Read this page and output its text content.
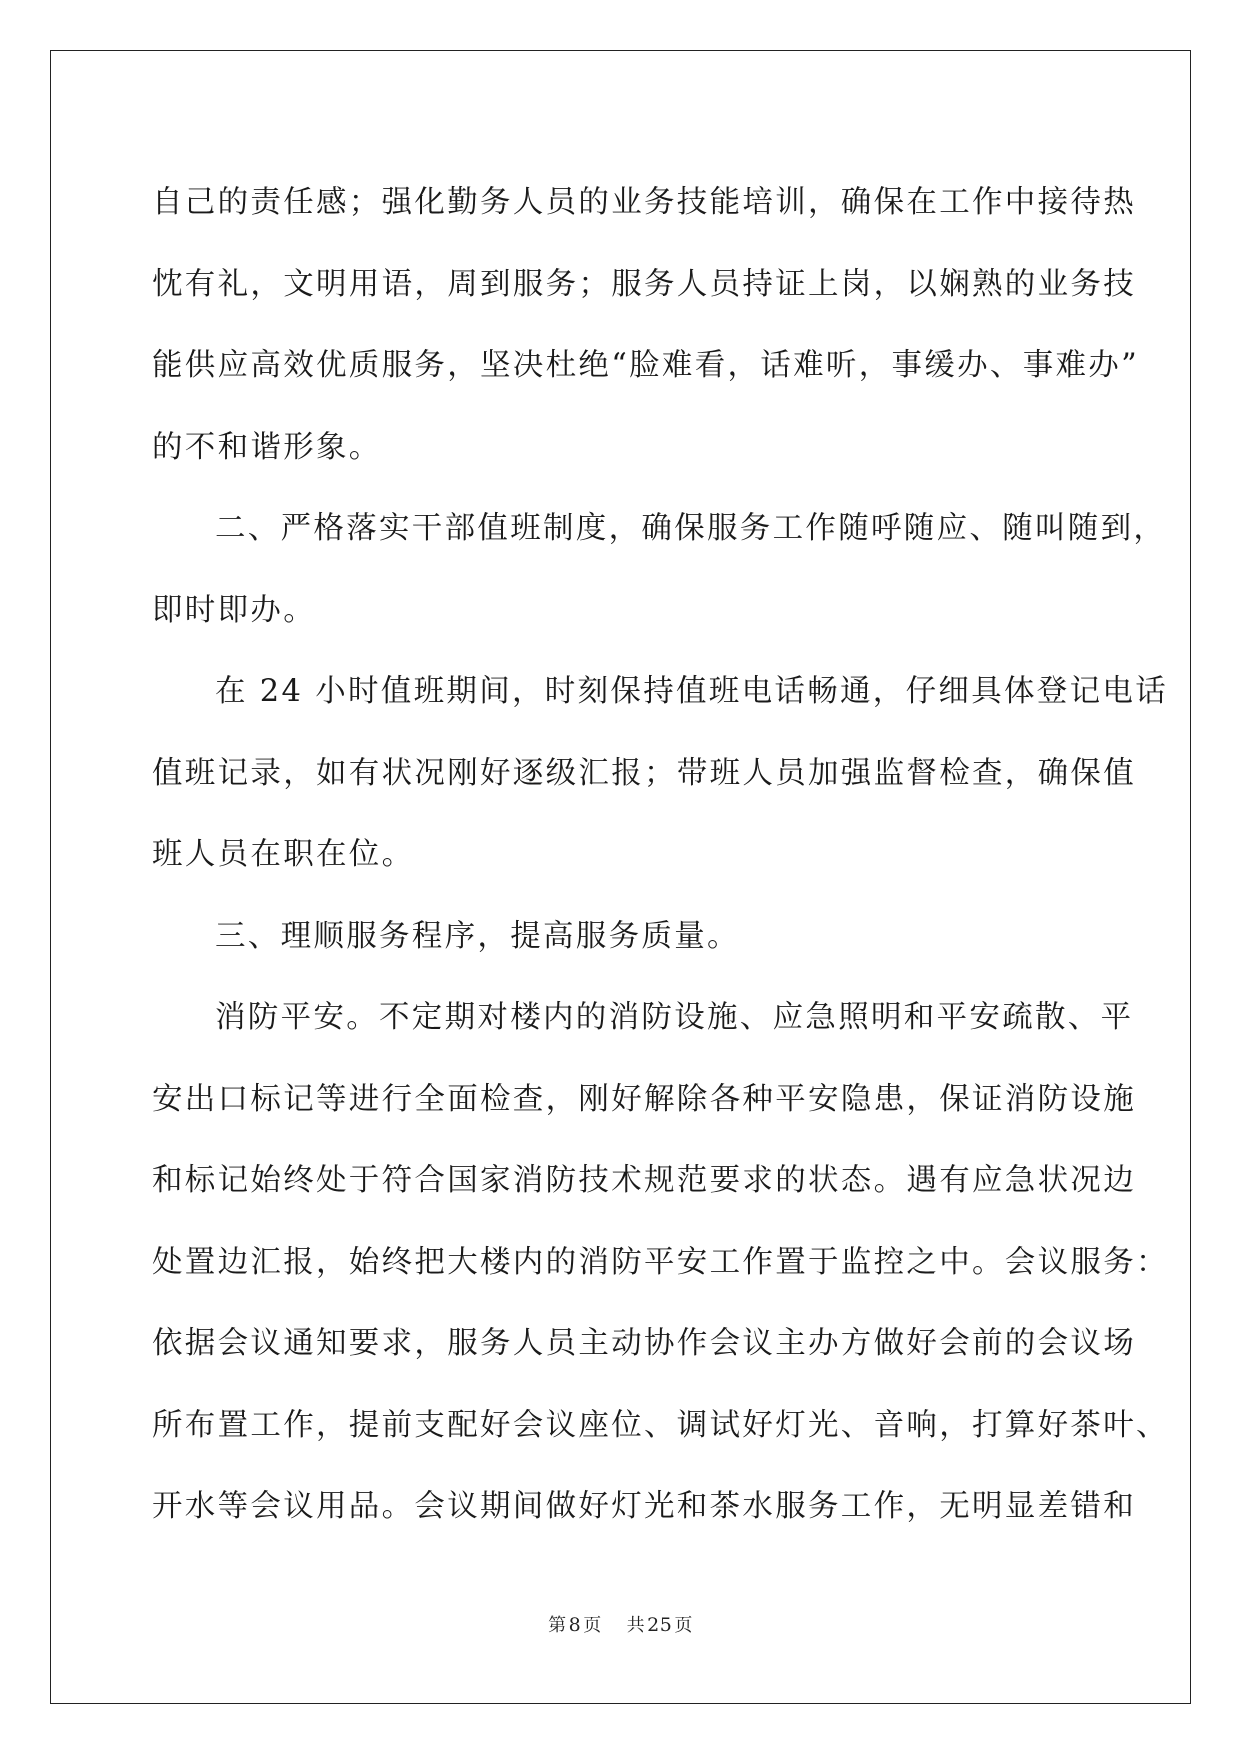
自己的责任感；强化勤务人员的业务技能培训，确保在工作中接待热
忱有礼，文明用语，周到服务；服务人员持证上岗，以娴熟的业务技
能供应高效优质服务，坚决杜绝“脸难看，话难听，事缓办、事难办”
的不和谐形象。
二、严格落实干部值班制度，确保服务工作随呼随应、随叫随到，
即时即办。
在 24 小时值班期间，时刻保持值班电话畅通，仔细具体登记电话
值班记录，如有状况刚好逐级汇报；带班人员加强监督检查，确保值
班人员在职在位。
三、理顺服务程序，提高服务质量。
消防平安。不定期对楼内的消防设施、应急照明和平安疏散、平
安出口标记等进行全面检查，刚好解除各种平安隐患，保证消防设施
和标记始终处于符合国家消防技术规范要求的状态。遇有应急状况边
处置边汇报，始终把大楼内的消防平安工作置于监控之中。会议服务：
依据会议通知要求，服务人员主动协作会议主办方做好会前的会议场
所布置工作，提前支配好会议座位、调试好灯光、音响，打算好茶叶、
开水等会议用品。会议期间做好灯光和茶水服务工作，无明显差错和
第 8 页 共 25 页
